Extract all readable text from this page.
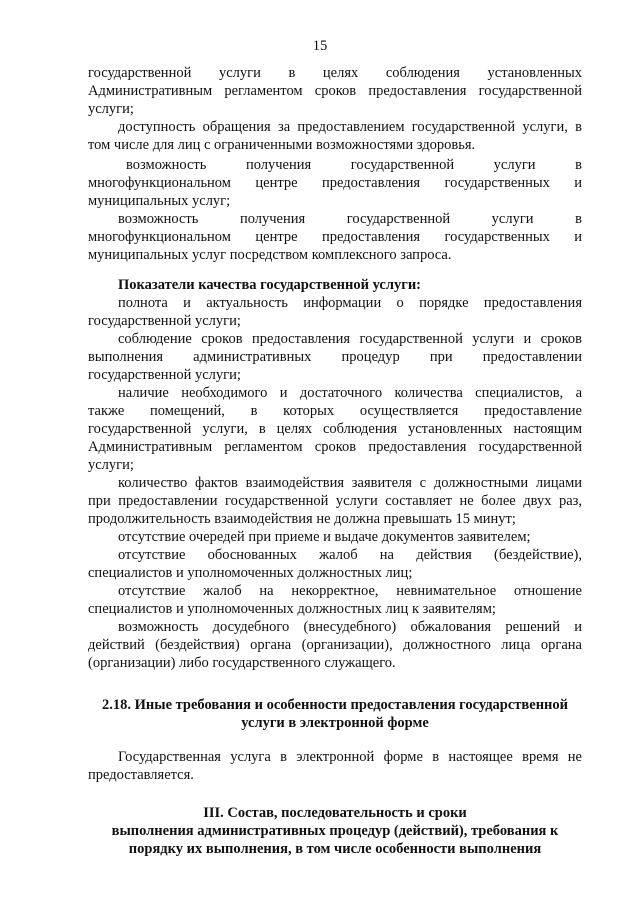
15
государственной услуги в целях соблюдения установленных
Административным регламентом сроков предоставления государственной
услуги;
доступность обращения за предоставлением государственной услуги, в
том числе для лиц с ограниченными возможностями здоровья.
возможность получения государственной услуги в
многофункциональном центре предоставления государственных и
муниципальных услуг;
возможность получения государственной услуги в
многофункциональном центре предоставления государственных и
муниципальных услуг посредством комплексного запроса.
Показатели качества государственной услуги:
полнота и актуальность информации о порядке предоставления
государственной услуги;
соблюдение сроков предоставления государственной услуги и сроков
выполнения административных процедур при предоставлении
государственной услуги;
наличие необходимого и достаточного количества специалистов, а
также помещений, в которых осуществляется предоставление
государственной услуги, в целях соблюдения установленных настоящим
Административным регламентом сроков предоставления государственной
услуги;
количество фактов взаимодействия заявителя с должностными лицами
при предоставлении государственной услуги составляет не более двух раз,
продолжительность взаимодействия не должна превышать 15 минут;
отсутствие очередей при приеме и выдаче документов заявителем;
отсутствие обоснованных жалоб на действия (бездействие),
специалистов и уполномоченных должностных лиц;
отсутствие жалоб на некорректное, невнимательное отношение
специалистов и уполномоченных должностных лиц к заявителям;
возможность досудебного (внесудебного) обжалования решений и
действий (бездействия) органа (организации), должностного лица органа
(организации) либо государственного служащего.
2.18. Иные требования и особенности предоставления государственной
услуги в электронной форме
Государственная услуга в электронной форме в настоящее время не
предоставляется.
III. Состав, последовательность и сроки
выполнения административных процедур (действий), требования к
порядку их выполнения, в том числе особенности выполнения
